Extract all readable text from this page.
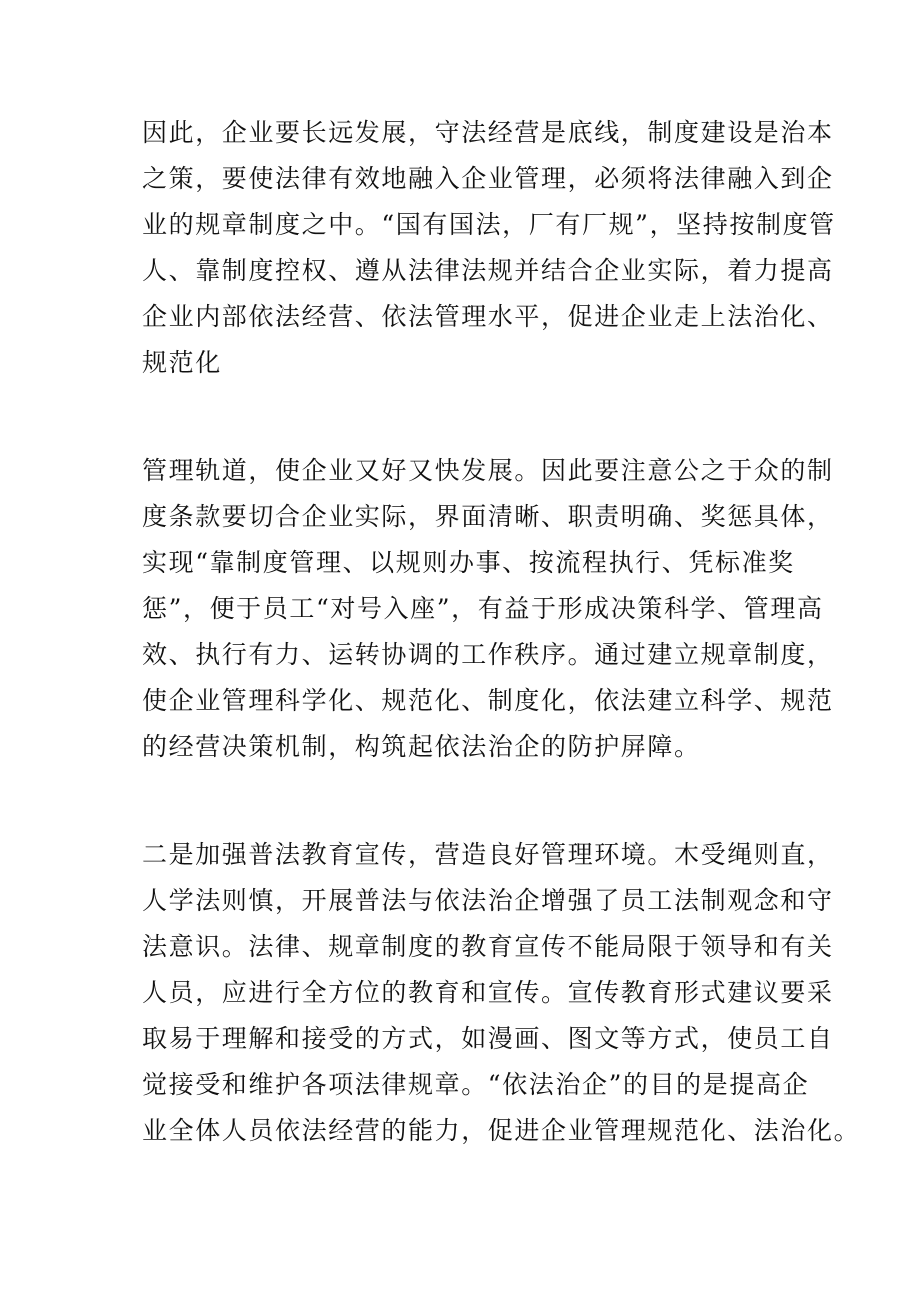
因此，企业要长远发展，守法经营是底线，制度建设是治本

之策，要使法律有效地融入企业管理，必须将法律融入到企

业的规章制度之中。“国有国法，厂有厂规”，坚持按制度管

人、靠制度控权、遵从法律法规并结合企业实际，着力提高

企业内部依法经营、依法管理水平，促进企业走上法治化、

规范化

管理轨道，使企业又好又快发展。因此要注意公之于众的制

度条款要切合企业实际，界面清晰、职责明确、奖惩具体，

实现“靠制度管理、以规则办事、按流程执行、凭标准奖

惩”，便于员工“对号入座”，有益于形成决策科学、管理高

效、执行有力、运转协调的工作秩序。通过建立规章制度，

使企业管理科学化、规范化、制度化，依法建立科学、规范

的经营决策机制，构筑起依法治企的防护屏障。

二是加强普法教育宣传，营造良好管理环境。木受绳则直，

人学法则慎，开展普法与依法治企增强了员工法制观念和守

法意识。法律、规章制度的教育宣传不能局限于领导和有关

人员，应进行全方位的教育和宣传。宣传教育形式建议要采

取易于理解和接受的方式，如漫画、图文等方式，使员工自

觉接受和维护各项法律规章。“依法治企”的目的是提高企

业全体人员依法经营的能力，促进企业管理规范化、法治化。
